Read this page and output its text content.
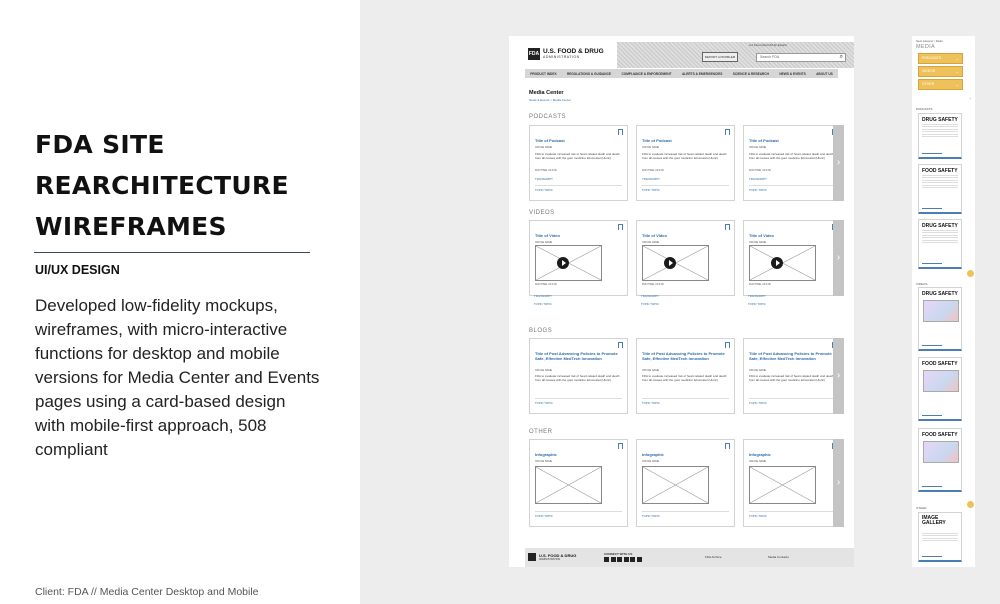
FDA SITE
REARCHITECTURE
WIREFRAMES
UI/UX DESIGN
Developed low-fidelity mockups, wireframes, with micro-interactive functions for desktop and mobile versions for Media Center and Events pages using a card-based design with mobile-first approach, 508 compliant
Client: FDA // Media Center Desktop and Mobile
FDA U.S. FOOD & DRUG
ADMINISTRATION
A-Z Index Follow FDA En Español
REPORT A PROBLEM	Search FDA	⌕
PRODUCT INDEX	REGULATIONS & GUIDANCE	COMPLIANCE & ENFORCEMENT	ALERTS & EMERGENCIES	SCIENCE & RESEARCH	NEWS & EVENTS	ABOUT US
Media Center
News & Events > Media Center
PODCASTS
Title of Podcast
OFFICE NAME
FDA to evaluate increased risk of heart-related death and death from all causes with the gout medicine febuxostat (Uloric)
RUN TIME: 00:0:00
TRANSCRIPT
TOPIC TOPIC
Title of Podcast
OFFICE NAME
FDA to evaluate increased risk of heart-related death and death from all causes with the gout medicine febuxostat (Uloric)
RUN TIME: 00:0:00
TRANSCRIPT
TOPIC TOPIC
Title of Podcast
OFFICE NAME
FDA to evaluate increased risk of heart-related death and death from all causes with the gout medicine febuxostat (Uloric)
RUN TIME: 00:0:00
TRANSCRIPT
TOPIC TOPIC
›
VIDEOS
Title of Video
OFFICE NAME
RUN TIME: 00:0:00
Title of Video
OFFICE NAME
RUN TIME: 00:0:00
Title of Video
OFFICE NAME
RUN TIME: 00:0:00
›
TRANSCRIPT	TRANSCRIPT	TRANSCRIPT
TOPIC TOPIC	TOPIC TOPIC	TOPIC TOPIC
BLOGS
Title of Post Advancing Policies to Promote Safe, Effective MedTech Innovation
OFFICE NAME
FDA to evaluate increased risk of heart-related death and death from all causes with the gout medicine febuxostat (Uloric)
TOPIC TOPIC
Title of Post Advancing Policies to Promote Safe, Effective MedTech Innovation
OFFICE NAME
FDA to evaluate increased risk of heart-related death and death from all causes with the gout medicine febuxostat (Uloric)
TOPIC TOPIC
Title of Post Advancing Policies to Promote Safe, Effective MedTech Innovation
OFFICE NAME
FDA to evaluate increased risk of heart-related death and death from all causes with the gout medicine febuxostat (Uloric)
TOPIC TOPIC
›
OTHER
Infographic
OFFICE NAME
TOPIC TOPIC
Infographic
OFFICE NAME
TOPIC TOPIC
Infographic
OFFICE NAME
TOPIC TOPIC
›
U.S. FOOD & DRUG
ADMINISTRATION
CONNECT WITH US
FDA Archive	Media Contacts
News & Events > Media
MEDIA
PODCASTS	⌄
VIDEOS	⌄
OTHER	⌄
+
PODCASTS
DRUG SAFETY
FOOD SAFETY
DRUG SAFETY
VIDEOS
DRUG SAFETY
FOOD SAFETY
FOOD SAFETY
OTHER
IMAGE GALLERY
